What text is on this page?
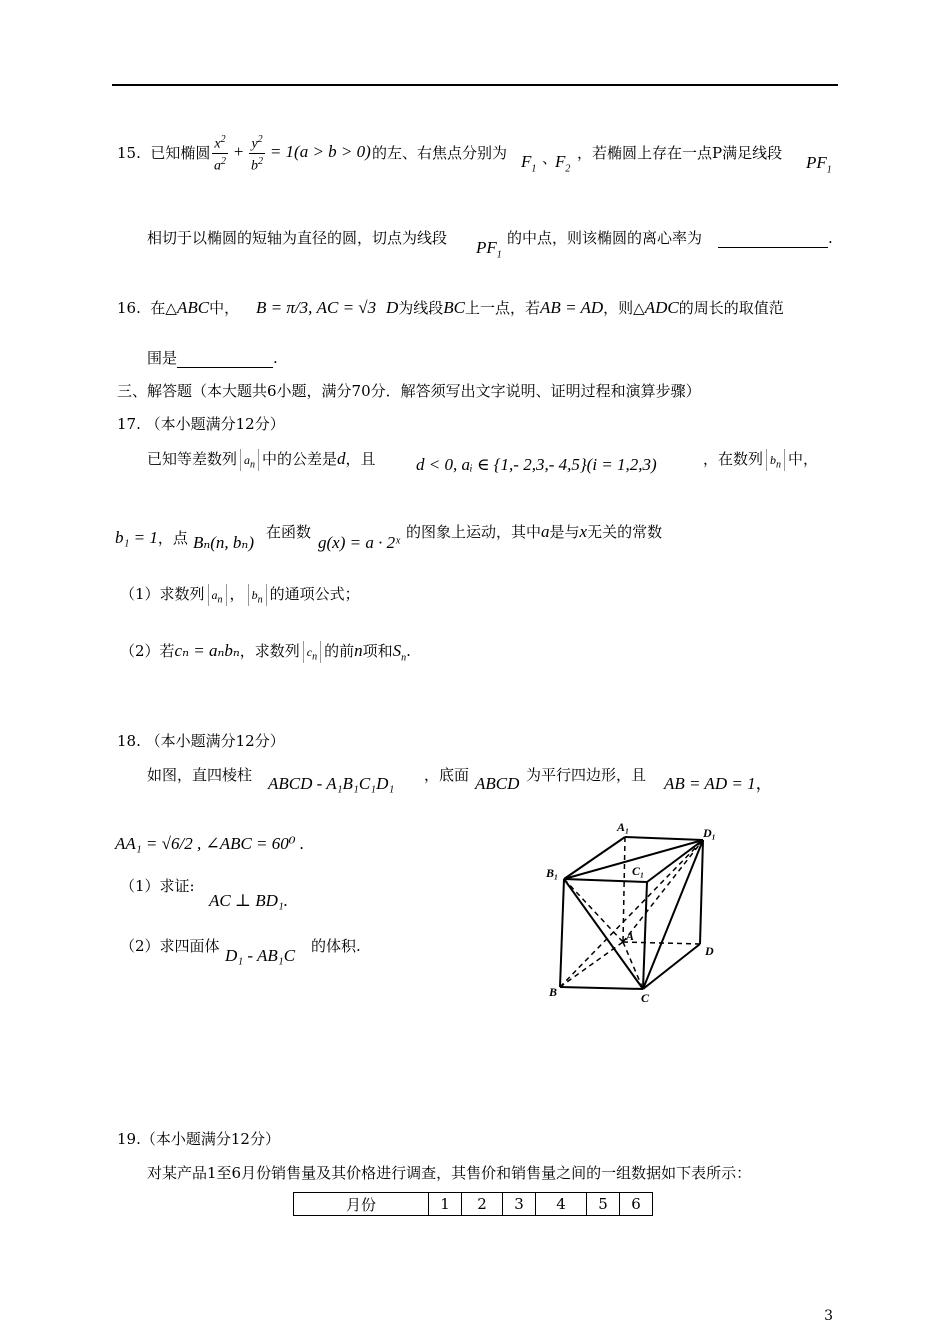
15. 已知椭圆 $\frac{x^2}{a^2} + \frac{y^2}{b^2} = 1(a > b > 0)$ 的左、右焦点分别为 $F_1$
、
$F_2$
，若椭圆上存在一点P满足线段 $PF_1$
相切于以椭圆的短轴为直径的圆，切点为线段 $PF_1$
的中点，则该椭圆的离心率为	.
16. 在△ABC中， B = π/3, AC = √3 D为线段BC上一点，若AB = AD，则△ADC的周长的取值范
围是	.
三、解答题（本大题共6小题，满分70分．解答须写出文字说明、证明过程和演算步骤）
17. （本小题满分12分）
已知等差数列 $a_n$ 中的公差是d，且 d < 0, aᵢ ∈ {1,- 2,3,- 4,5}(i = 1,2,3)	，在数列 $b_n$ 中，
b₁ = 1，点 Bₙ(n, bₙ)
在函数
g(x) = a · 2ˣ
的图象上运动，其中a是与x无关的常数
（1）求数列 $a_n$ ， $b_n$ 的通项公式；
（2）若cₙ = aₙbₙ，求数列 $c_n$ 的前n项和$S_n$.
18. （本小题满分12分）
如图，直四棱柱 ABCD - A₁B₁C₁D₁ ，底面 ABCD 为平行四边形，且 AB = AD = 1，
AA₁ = √6/2 , ∠ABC = 60⁰ .
（1）求证:
AC ⊥ BD₁.
（2）求四面体 D₁ - AB₁C 的体积.
A₁	D₁
B₁	C₁
A
D
B	C
19.（本小题满分12分）
对某产品1至6月份销售量及其价格进行调查，其售价和销售量之间的一组数据如下表所示：
月份	1	2	3	4	5	6
3
